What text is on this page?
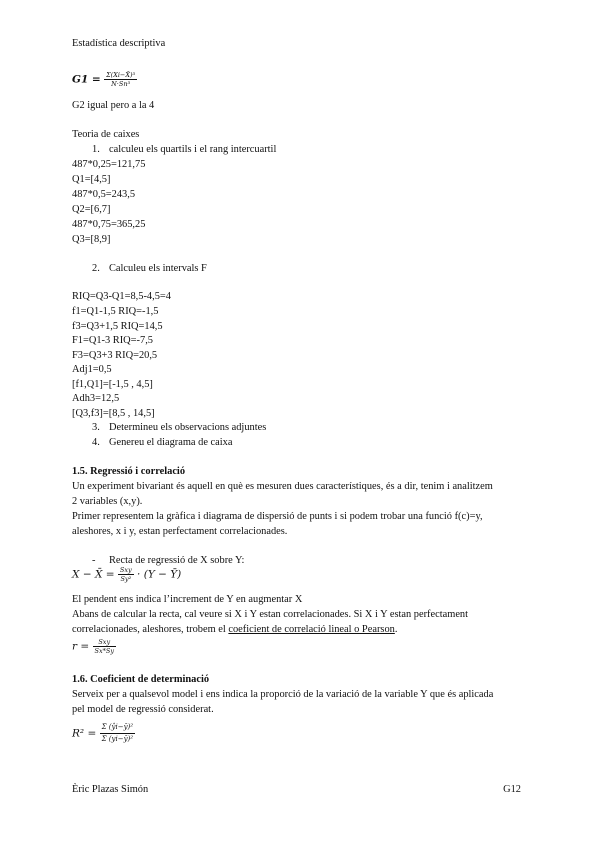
Estadística descriptiva
$G1 = \frac{\text{Σ(Xi−X̄)³}}{\text{N·Sn³}}$
G2 igual pero a la 4
Teoria de caixes
1. calculeu els quartils i el rang intercuartil
487*0,25=121,75
Q1=[4,5]
487*0,5=243,5
Q2=[6,7]
487*0,75=365,25
Q3=[8,9]
2. Calculeu els intervals F
RIQ=Q3-Q1=8,5-4,5=4
f1=Q1-1,5 RIQ=-1,5
f3=Q3+1,5 RIQ=14,5
F1=Q1-3 RIQ=-7,5
F3=Q3+3 RIQ=20,5
Adj1=0,5
[f1,Q1]=[-1,5 , 4,5]
Adh3=12,5
[Q3,f3]=[8,5 , 14,5]
3. Determineu els observacions adjuntes
4. Genereu el diagrama de caixa
1.5. Regressió i correlació
Un experiment bivariant és aquell en què es mesuren dues característiques, és a dir, tenim i analitzem
2 variables (x,y).
Primer representem la gràfica i diagrama de dispersió de punts i si podem trobar una funció f(c)=y,
aleshores, x i y, estan perfectament correlacionades.
- Recta de regressió de X sobre Y:
X − X̄ = $\frac{\text{Sxy}}{\text{Sy²}} \cdot (Y$ − Ȳ)
El pendent ens indica l’increment de Y en augmentar X
Abans de calcular la recta, cal veure si X i Y estan correlacionades. Si X i Y estan perfectament
correlacionades, aleshores, trobem el coeficient de correlació lineal o Pearson.
$r = \frac{\text{Sxy}}{Sx*Sy}$
1.6. Coeficient de determinació
Serveix per a qualsevol model i ens indica la proporció de la variació de la variable Y que és aplicada
pel model de regressió considerat.
$R^2 = \frac{\text{Σ (ŷi−ȳ)²}}{\text{Σ (yi−ȳ)²}}$
Èric Plazas Simón	G12
